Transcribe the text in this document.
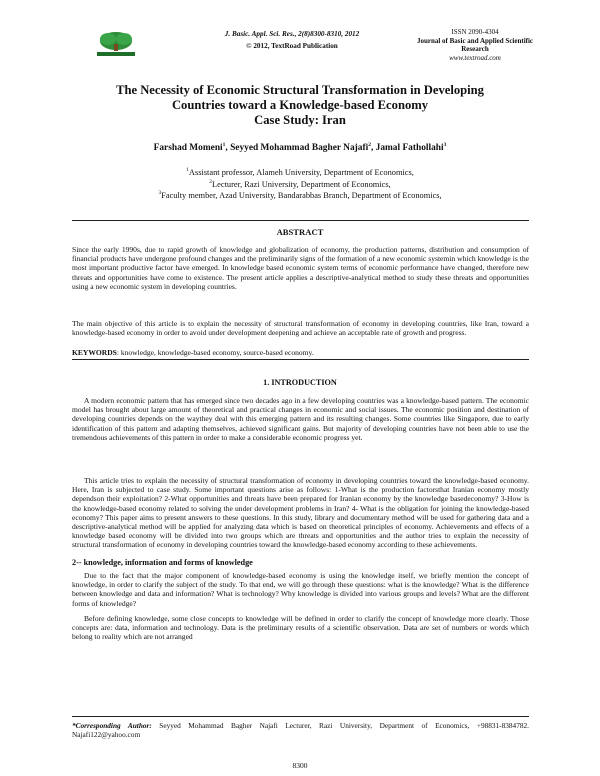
J. Basic. Appl. Sci. Res., 2(8)8300-8310, 2012
© 2012, TextRoad Publication
ISSN 2090-4304
Journal of Basic and Applied Scientific Research
www.textroad.com
The Necessity of Economic Structural Transformation in Developing
Countries toward a Knowledge-based Economy
Case Study: Iran
Farshad Momeni$^1$, Seyyed Mohammad Bagher Najafi$^2$, Jamal Fathollahi$^3$
$^1$Assistant professor, Alameh University, Department of Economics,
$^2$Lecturer, Razi University, Department of Economics,
$^3$Faculty member, Azad University, Bandarabbas Branch, Department of Economics,
ABSTRACT
Since the early 1990s, due to rapid growth of knowledge and globalization of economy, the production patterns, distribution and consumption of financial products have undergone profound changes and the preliminarily signs of the formation of a new economic systemin which knowledge is the most important productive factor have emerged. In knowledge based economic system terms of economic performance have changed, therefore new threats and opportunities have come to existence. The present article applies a descriptive-analytical method to study these threats and opportunities using a new economic system in developing countries.
The main objective of this article is to explain the necessity of structural transformation of economy in developing countries, like Iran, toward a knowledge-based economy in order to avoid under development deepening and achieve an acceptable rate of growth and progress.
KEYWORDS: knowledge, knowledge-based economy, source-based economy.
1. INTRODUCTION
A modern economic pattern that has emerged since two decades ago in a few developing countries was a knowledge-based pattern. The economic model has brought about large amount of theoretical and practical changes in economic and social issues. The economic position and destination of developing countries depends on the waythey deal with this emerging pattern and its resulting changes. Some countries like Singapore, due to early identification of this pattern and adapting themselves, achieved significant gains. But majority of developing countries have not been able to use the tremendous achievements of this pattern in order to make a considerable economic progress yet.
This article tries to explain the necessity of structural transformation of economy in developing countries toward the knowledge-based economy. Here, Iran is subjected to case study. Some important questions arise as follows: 1-What is the production factorsthat Iranian economy mostly dependson their exploitation? 2-What opportunities and threats have been prepared for Iranian economy by the knowledge basedeconomy? 3-How is the knowledge-based economy related to solving the under development problems in Iran? 4- What is the obligation for joining the knowledge-based economy? This paper aims to present answers to these questions. In this study, library and documentary method will be used for gathering data and a descriptive-analytical method will be applied for analyzing data which is based on theoretical principles of economy. Achievements and effects of a knowledge based economy will be divided into two groups which are threats and opportunities and the author tries to explain the necessity of structural transformation of economy in developing countries toward the knowledge-based economy according to these achievements.
2-- knowledge, information and forms of knowledge
Due to the fact that the major component of knowledge-based economy is using the knowledge itself, we briefly mention the concept of knowledge, in order to clarify the subject of the study. To that end, we will go through these questions: what is the knowledge? What is the difference between knowledge and data and information? What is technology? Why knowledge is divided into various groups and levels? What are the different forms of knowledge?
Before defining knowledge, some close concepts to knowledge will be defined in order to clarify the concept of knowledge more clearly. Those concepts are: data, information and technology. Data is the preliminary results of a scientific observation. Data are set of numbers or words which belong to reality which are not arranged
*Corresponding Author: Seyyed Mohammad Bagher Najafi Lecturer, Razi University, Department of Economics, +98831-8384782. Najafi122@yahoo.com
8300
